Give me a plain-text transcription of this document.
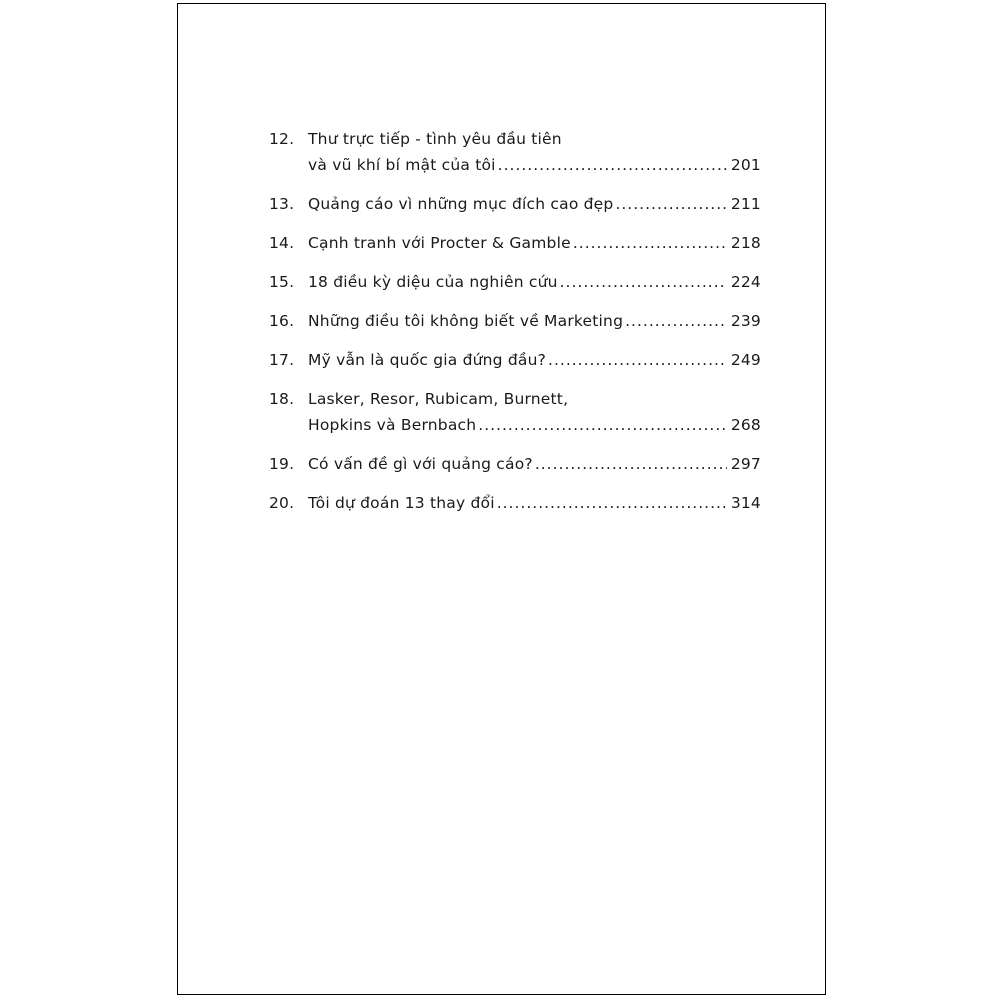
12. Thư trực tiếp - tình yêu đầu tiên
và vũ khí bí mật của tôi .....	201
13. Quảng cáo vì những mục đích cao đẹp .....	211
14. Cạnh tranh với Procter & Gamble .....	218
15. 18 điều kỳ diệu của nghiên cứu .....	224
16. Những điều tôi không biết về Marketing .....	239
17. Mỹ vẫn là quốc gia đứng đầu? .....	249
18. Lasker, Resor, Rubicam, Burnett,
Hopkins và Bernbach .....	268
19. Có vấn đề gì với quảng cáo? .....	297
20. Tôi dự đoán 13 thay đổi .....	314
